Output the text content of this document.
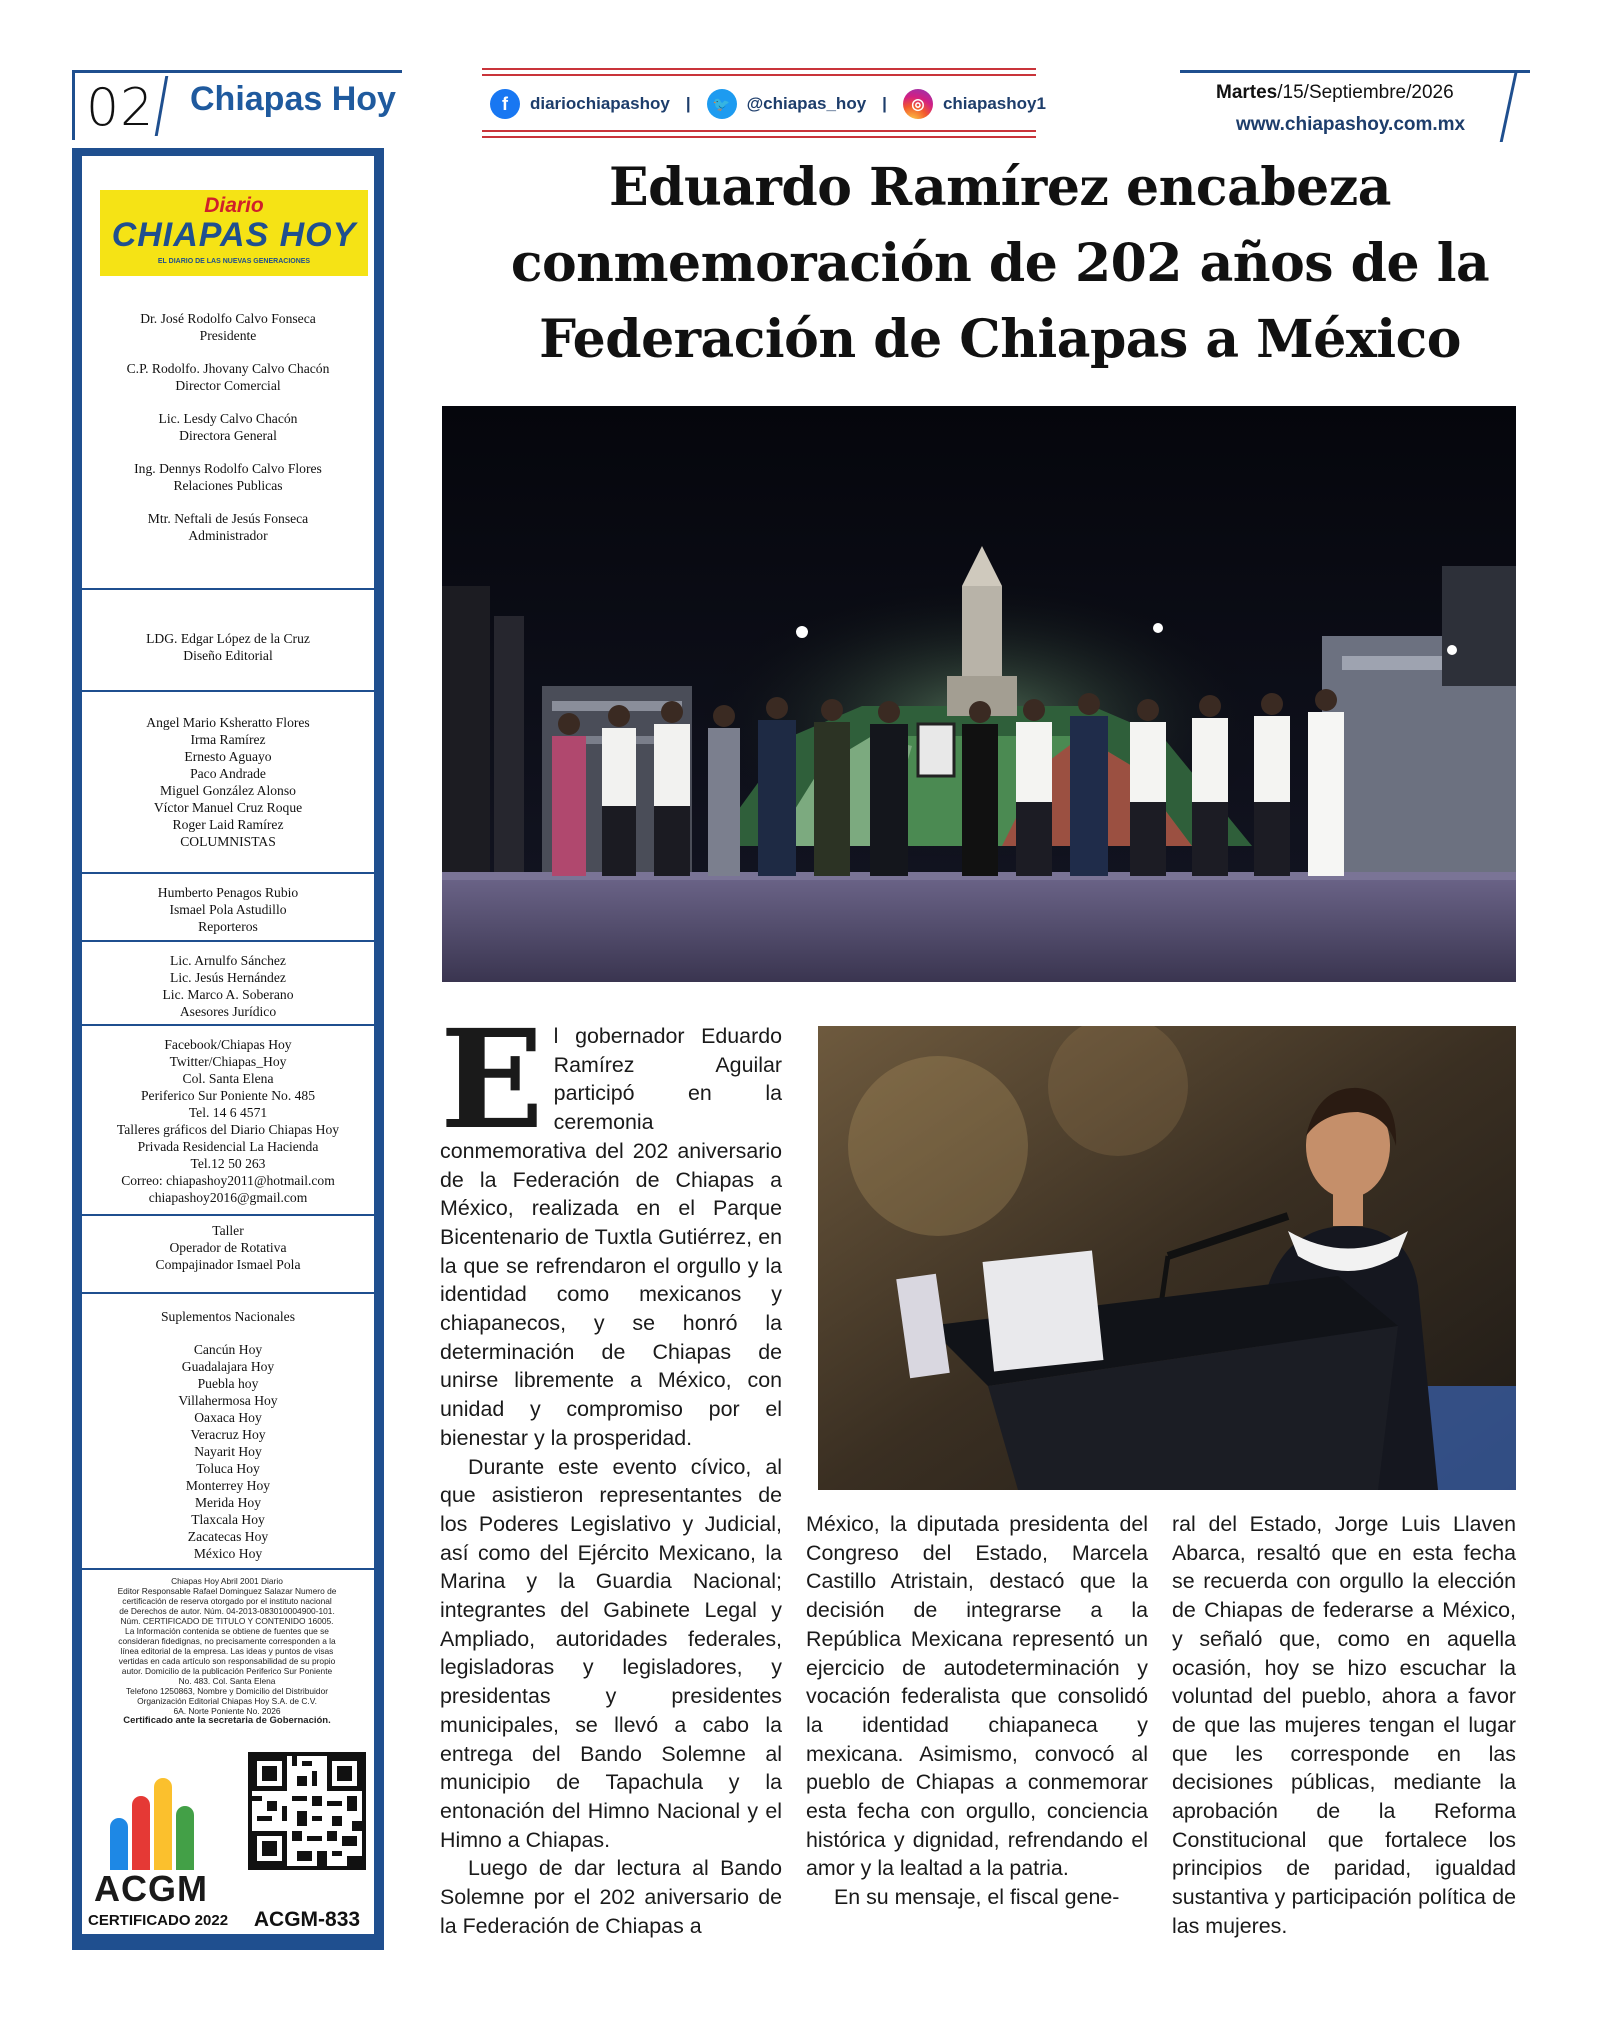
02 Chiapas Hoy	f	diariochiapashoy |	🐦 @chiapas_hoy |	◎	chiapashoy1
Martes/15/Septiembre/2026
www.chiapashoy.com.mx
Diario
CHIAPAS HOY
EL DIARIO DE LAS NUEVAS GENERACIONES

Dr. José Rodolfo Calvo Fonseca

Presidente

C.P. Rodolfo. Jhovany Calvo Chacón

Director Comercial

Lic. Lesdy Calvo Chacón

Directora General

Ing. Dennys Rodolfo Calvo Flores

Relaciones Publicas

Mtr. Neftali de Jesús Fonseca

Administrador

LDG. Edgar López de la Cruz

Diseño Editorial

Angel Mario Ksheratto Flores

Irma Ramírez

Ernesto Aguayo

Paco Andrade

Miguel González Alonso

Víctor Manuel Cruz Roque

Roger Laid Ramírez

COLUMNISTAS

Humberto Penagos Rubio

Ismael Pola Astudillo

Reporteros

Lic. Arnulfo Sánchez

Lic. Jesús Hernández

Lic. Marco A. Soberano

Asesores Jurídico

Facebook/Chiapas Hoy

Twitter/Chiapas_Hoy

Col. Santa Elena

Periferico Sur Poniente No. 485

Tel. 14 6 4571

Talleres gráficos del Diario Chiapas Hoy

Privada Residencial La Hacienda

Tel.12 50 263

Correo: chiapashoy2011@hotmail.com

chiapashoy2016@gmail.com

Taller

Operador de Rotativa

Compajinador Ismael Pola

Suplementos Nacionales

Cancún Hoy

Guadalajara Hoy

Puebla hoy

Villahermosa Hoy

Oaxaca Hoy

Veracruz Hoy

Nayarit Hoy

Toluca Hoy

Monterrey Hoy

Merida Hoy

Tlaxcala Hoy

Zacatecas Hoy

México Hoy

Chiapas Hoy Abril 2001 Diario

Editor Responsable Rafael Dominguez Salazar Numero de

certificación de reserva otorgado por el instituto nacional

de Derechos de autor. Núm. 04-2013-083010004900-101.

Núm. CERTIFICADO DE TITULO Y CONTENIDO 16005.

La Información contenida se obtiene de fuentes que se

consideran fidedignas, no precisamente corresponden a la

línea editorial de la empresa. Las ideas y puntos de visas

vertidas en cada artículo son responsabilidad de su propio

autor. Domicilio de la publicación Periferico Sur Poniente

No. 483. Col. Santa Elena

Telefono 1250863, Nombre y Domicilio del Distribuidor

Organización Editorial Chiapas Hoy S.A. de C.V.

6A. Norte Poniente No. 2026

Certificado ante la secretaria de Gobernación.

ACGM
CERTIFICADO 2022	ACGM-833
Eduardo Ramírez encabeza
conmemoración de 202 años de la
Federación de Chiapas a México

El gobernador Eduardo Ramírez Aguilar participó en la ceremonia conmemorativa del 202 aniversario de la Federación de Chiapas a México, realizada en el Parque Bicentenario de Tuxtla Gutiérrez, en la que se refrendaron el orgullo y la identidad como mexicanos y chiapanecos, y se honró la determinación de Chiapas de unirse libremente a México, con unidad y compromiso por el bienestar y la prosperidad.

Durante este evento cívico, al que asistieron representantes de los Poderes Legislativo y Judicial, así como del Ejército Mexicano, la Marina y la Guardia Nacional; integrantes del Gabinete Legal y Ampliado, autoridades federales, legisladoras y legisladores, y presidentas y presidentes municipales, se llevó a cabo la entrega del Bando Solemne al municipio de Tapachula y la entonación del Himno Nacional y el Himno a Chiapas.

Luego de dar lectura al Bando Solemne por el 202 aniversario de la Federación de Chiapas a

México, la diputada presidenta del Congreso del Estado, Marcela Castillo Atristain, destacó que la decisión de integrarse a la República Mexicana representó un ejercicio de autodeterminación y vocación federalista que consolidó la identidad chiapaneca y mexicana. Asimismo, convocó al pueblo de Chiapas a conmemorar esta fecha con orgullo, conciencia histórica y dignidad, refrendando el amor y la lealtad a la patria.

En su mensaje, el fiscal gene-

ral del Estado, Jorge Luis Llaven Abarca, resaltó que en esta fecha se recuerda con orgullo la elección de Chiapas de federarse a México, y señaló que, como en aquella ocasión, hoy se hizo escuchar la voluntad del pueblo, ahora a favor de que las mujeres tengan el lugar que les corresponde en las decisiones públicas, mediante la aprobación de la Reforma Constitucional que fortalece los principios de paridad, igualdad sustantiva y participación política de las mujeres.
